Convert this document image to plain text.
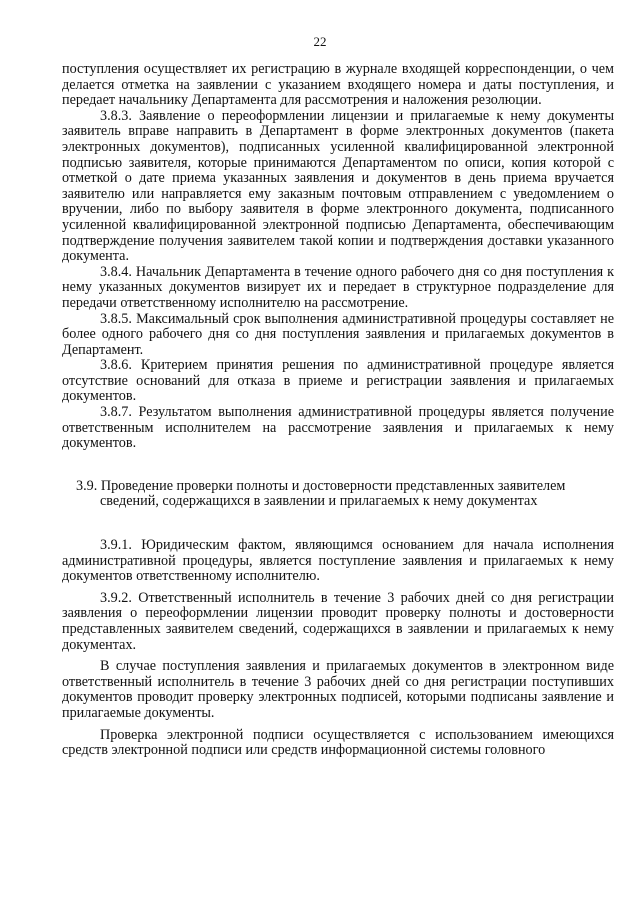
22

поступления осуществляет их регистрацию в журнале входящей корреспонденции, о чем делается отметка на заявлении с указанием входящего номера и даты поступления, и передает начальнику Департамента для рассмотрения и наложения резолюции.

3.8.3. Заявление о переоформлении лицензии и прилагаемые к нему документы заявитель вправе направить в Департамент в форме электронных документов (пакета электронных документов), подписанных усиленной квалифицированной электронной подписью заявителя, которые принимаются Департаментом по описи, копия которой с отметкой о дате приема указанных заявления и документов в день приема вручается заявителю или направляется ему заказным почтовым отправлением с уведомлением о вручении, либо по выбору заявителя в форме электронного документа, подписанного усиленной квалифицированной электронной подписью Департамента, обеспечивающим подтверждение получения заявителем такой копии и подтверждения доставки указанного документа.

3.8.4. Начальник Департамента в течение одного рабочего дня со дня поступления к нему указанных документов визирует их и передает в структурное подразделение для передачи ответственному исполнителю на рассмотрение.

3.8.5. Максимальный срок выполнения административной процедуры составляет не более одного рабочего дня со дня поступления заявления и прилагаемых документов в Департамент.

3.8.6. Критерием принятия решения по административной процедуре является отсутствие оснований для отказа в приеме и регистрации заявления и прилагаемых документов.

3.8.7. Результатом выполнения административной процедуры является получение ответственным исполнителем на рассмотрение заявления и прилагаемых к нему документов.

3.9. Проведение проверки полноты и достоверности представленных заявителем
сведений, содержащихся в заявлении и прилагаемых к нему документах

3.9.1. Юридическим фактом, являющимся основанием для начала исполнения административной процедуры, является поступление заявления и прилагаемых к нему документов ответственному исполнителю.

3.9.2. Ответственный исполнитель в течение 3 рабочих дней со дня регистрации заявления о переоформлении лицензии проводит проверку полноты и достоверности представленных заявителем сведений, содержащихся в заявлении и прилагаемых к нему документах.

В случае поступления заявления и прилагаемых документов в электронном виде ответственный исполнитель в течение 3 рабочих дней со дня регистрации поступивших документов проводит проверку электронных подписей, которыми подписаны заявление и прилагаемые документы.

Проверка электронной подписи осуществляется с использованием имеющихся средств электронной подписи или средств информационной системы головного
